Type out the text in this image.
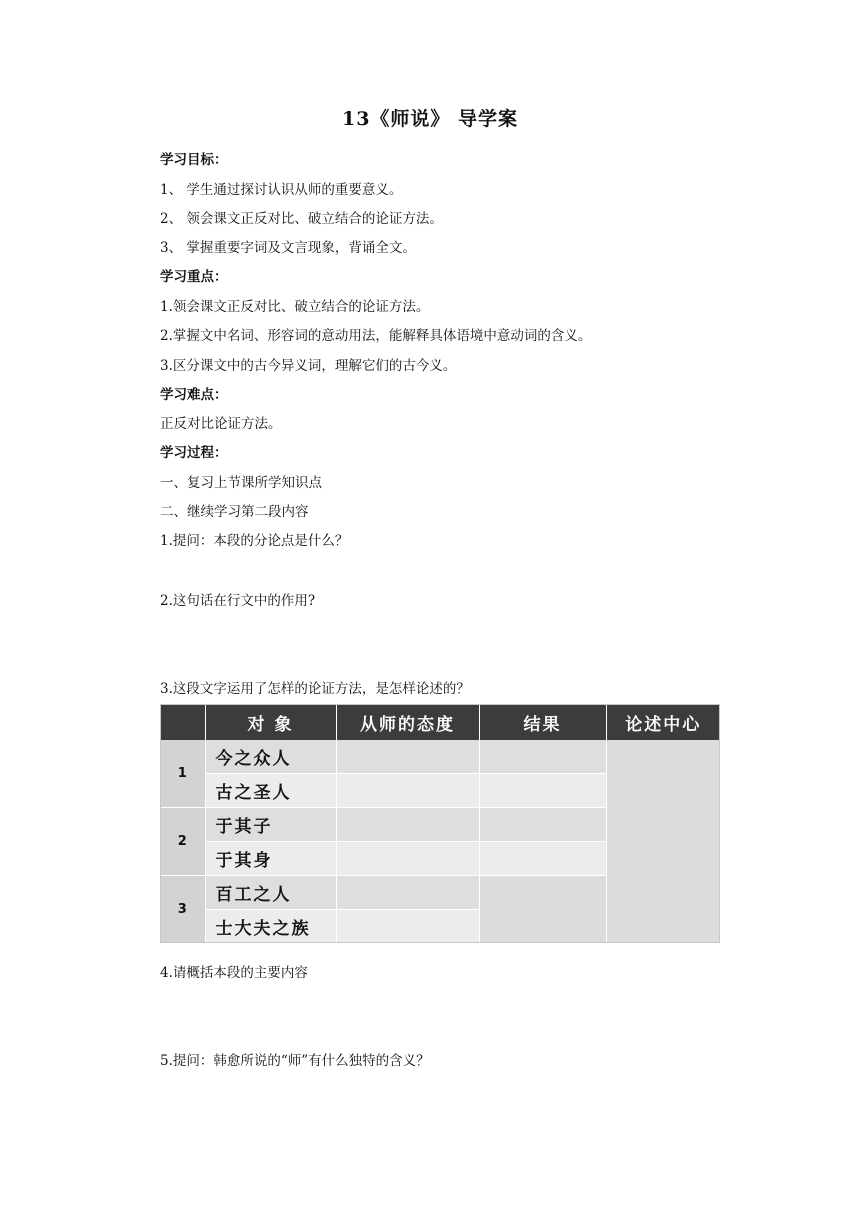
13《师说》 导学案
学习目标：
1、 学生通过探讨认识从师的重要意义。
2、 领会课文正反对比、破立结合的论证方法。
3、 掌握重要字词及文言现象，背诵全文。
学习重点：
1.领会课文正反对比、破立结合的论证方法。
2.掌握文中名词、形容词的意动用法，能解释具体语境中意动词的含义。
3.区分课文中的古今异义词，理解它们的古今义。
学习难点：
正反对比论证方法。
学习过程：
一、复习上节课所学知识点
二、继续学习第二段内容
1.提问：本段的分论点是什么？
2.这句话在行文中的作用?
3.这段文字运用了怎样的论证方法，是怎样论述的？
	对 象	从师的态度	结果	论述中心
1	今之众人			
	古之圣人			
2	于其子			
	于其身			
3	百工之人			
	士大夫之族			
4.请概括本段的主要内容
5.提问：韩愈所说的“师”有什么独特的含义？
